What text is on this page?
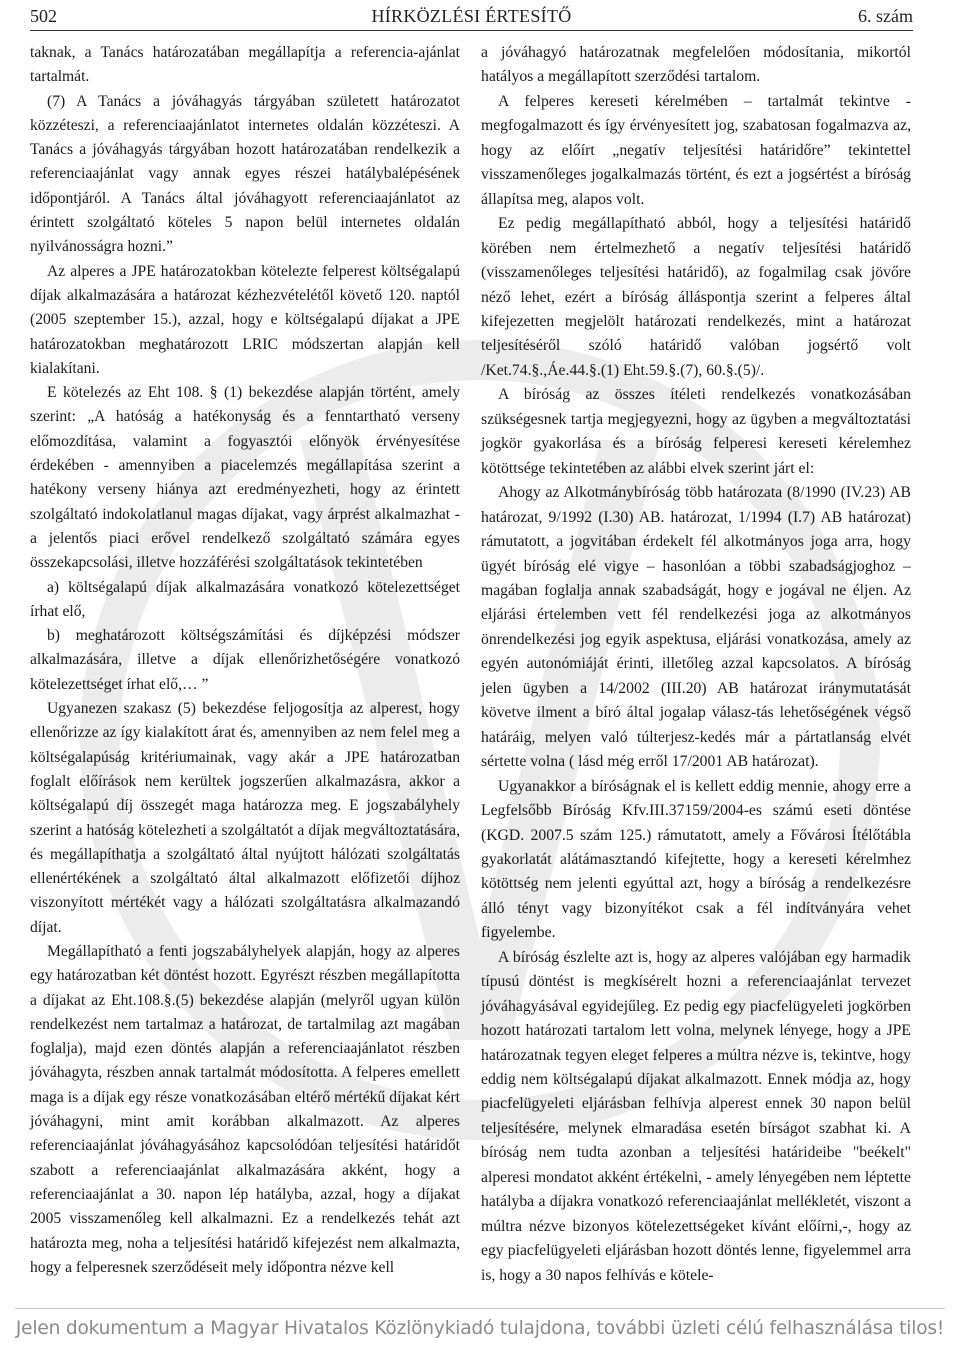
502	HÍRKÖZLÉSI ÉRTESÍTŐ	6. szám

taknak, a Tanács határozatában megállapítja a referencia-ajánlat tartalmát.

(7) A Tanács a jóváhagyás tárgyában született határozatot közzéteszi, a referenciaajánlatot internetes oldalán közzéteszi. A Tanács a jóváhagyás tárgyában hozott határozatában rendelkezik a referenciaajánlat vagy annak egyes részei hatálybalépésének időpontjáról. A Tanács által jóváhagyott referenciaajánlatot az érintett szolgáltató köteles 5 napon belül internetes oldalán nyilvánosságra hozni.”

Az alperes a JPE határozatokban kötelezte felperest költségalapú díjak alkalmazására a határozat kézhezvételétől követő 120. naptól (2005 szeptember 15.), azzal, hogy e költségalapú díjakat a JPE határozatokban meghatározott LRIC módszertan alapján kell kialakítani.

E kötelezés az Eht 108. § (1) bekezdése alapján történt, amely szerint: „A hatóság a hatékonyság és a fenntartható verseny előmozdítása, valamint a fogyasztói előnyök érvényesítése érdekében - amennyiben a piacelemzés megállapítása szerint a hatékony verseny hiánya azt eredményezheti, hogy az érintett szolgáltató indokolatlanul magas díjakat, vagy árprést alkalmazhat - a jelentős piaci erővel rendelkező szolgáltató számára egyes összekapcsolási, illetve hozzáférési szolgáltatások tekintetében

a) költségalapú díjak alkalmazására vonatkozó kötelezettséget írhat elő,

b) meghatározott költségszámítási és díjképzési módszer alkalmazására, illetve a díjak ellenőrizhetőségére vonatkozó kötelezettséget írhat elő,… ”

Ugyanezen szakasz (5) bekezdése feljogosítja az alperest, hogy ellenőrizze az így kialakított árat és, amennyiben az nem felel meg a költségalapúság kritériumainak, vagy akár a JPE határozatban foglalt előírások nem kerültek jogszerűen alkalmazásra, akkor a költségalapú díj összegét maga határozza meg. E jogszabályhely szerint a hatóság kötelezheti a szolgáltatót a díjak megváltoztatására, és megállapíthatja a szolgáltató által nyújtott hálózati szolgáltatás ellenértékének a szolgáltató által alkalmazott előfizetői díjhoz viszonyított mértékét vagy a hálózati szolgáltatásra alkalmazandó díjat.

Megállapítható a fenti jogszabályhelyek alapján, hogy az alperes egy határozatban két döntést hozott. Egyrészt részben megállapította a díjakat az Eht.108.§.(5) bekezdése alapján (melyről ugyan külön rendelkezést nem tartalmaz a határozat, de tartalmilag azt magában foglalja), majd ezen döntés alapján a referenciaajánlatot részben jóváhagyta, részben annak tartalmát módosította. A felperes emellett maga is a díjak egy része vonatkozásában eltérő mértékű díjakat kért jóváhagyni, mint amit korábban alkalmazott. Az alperes referenciaajánlat jóváhagyásához kapcsolódóan teljesítési határidőt szabott a referenciaajánlat alkalmazására akként, hogy a referenciaajánlat a 30. napon lép hatályba, azzal, hogy a díjakat 2005 visszamenőleg kell alkalmazni. Ez a rendelkezés tehát azt határozta meg, noha a teljesítési határidő kifejezést nem alkalmazta, hogy a felperesnek szerződéseit mely időpontra nézve kell

a jóváhagyó határozatnak megfelelően módosítania, mikortól hatályos a megállapított szerződési tartalom.

A felperes kereseti kérelmében – tartalmát tekintve - megfogalmazott és így érvényesített jog, szabatosan fogalmazva az, hogy az előírt „negatív teljesítési határidőre” tekintettel visszamenőleges jogalkalmazás történt, és ezt a jogsértést a bíróság állapítsa meg, alapos volt.

Ez pedig megállapítható abból, hogy a teljesítési határidő körében nem értelmezhető a negatív teljesítési határidő (visszamenőleges teljesítési határidő), az fogalmilag csak jövőre néző lehet, ezért a bíróság álláspontja szerint a felperes által kifejezetten megjelölt határozati rendelkezés, mint a határozat teljesítéséről szóló határidő valóban jogsértő volt /Ket.74.§.,Áe.44.§.(1) Eht.59.§.(7), 60.§.(5)/.

A bíróság az összes ítéleti rendelkezés vonatkozásában szükségesnek tartja megjegyezni, hogy az ügyben a megváltoztatási jogkör gyakorlása és a bíróság felperesi kereseti kérelemhez kötöttsége tekintetében az alábbi elvek szerint járt el:

Ahogy az Alkotmánybíróság több határozata (8/1990 (IV.23) AB határozat, 9/1992 (I.30) AB. határozat, 1/1994 (I.7) AB határozat) rámutatott, a jogvitában érdekelt fél alkotmányos joga arra, hogy ügyét bíróság elé vigye – hasonlóan a többi szabadságjoghoz – magában foglalja annak szabadságát, hogy e jogával ne éljen. Az eljárási értelemben vett fél rendelkezési joga az alkotmányos önrendelkezési jog egyik aspektusa, eljárási vonatkozása, amely az egyén autonómiáját érinti, illetőleg azzal kapcsolatos. A bíróság jelen ügyben a 14/2002 (III.20) AB határozat iránymutatását követve ilment a bíró által jogalap válasz-tás lehetőségének végső határáig, melyen való túlterjesz-kedés már a pártatlanság elvét sértette volna ( lásd még erről 17/2001 AB határozat).

Ugyanakkor a bíróságnak el is kellett eddig mennie, ahogy erre a Legfelsőbb Bíróság Kfv.III.37159/2004-es számú eseti döntése (KGD. 2007.5 szám 125.) rámutatott, amely a Fővárosi Ítélőtábla gyakorlatát alátámasztandó kifejtette, hogy a kereseti kérelmhez kötöttség nem jelenti egyúttal azt, hogy a bíróság a rendelkezésre álló tényt vagy bizonyítékot csak a fél indítványára vehet figyelembe.

A bíróság észlelte azt is, hogy az alperes valójában egy harmadik típusú döntést is megkísérelt hozni a referenciaajánlat tervezet jóváhagyásával egyidejűleg. Ez pedig egy piacfelügyeleti jogkörben hozott határozati tartalom lett volna, melynek lényege, hogy a JPE határozatnak tegyen eleget felperes a múltra nézve is, tekintve, hogy eddig nem költségalapú díjakat alkalmazott. Ennek módja az, hogy piacfelügyeleti eljárásban felhívja alperest ennek 30 napon belül teljesítésére, melynek elmaradása esetén bírságot szabhat ki. A bíróság nem tudta azonban a teljesítési határideibe "beékelt" alperesi mondatot akként értékelni, - amely lényegében nem léptette hatályba a díjakra vonatkozó referenciaajánlat mellékletét, viszont a múltra nézve bizonyos kötelezettségeket kívánt előírni,-, hogy az egy piacfelügyeleti eljárásban hozott döntés lenne, figyelemmel arra is, hogy a 30 napos felhívás e kötele-

Jelen dokumentum a Magyar Hivatalos Közlönykiadó tulajdona, további üzleti célú felhasználása tilos!
